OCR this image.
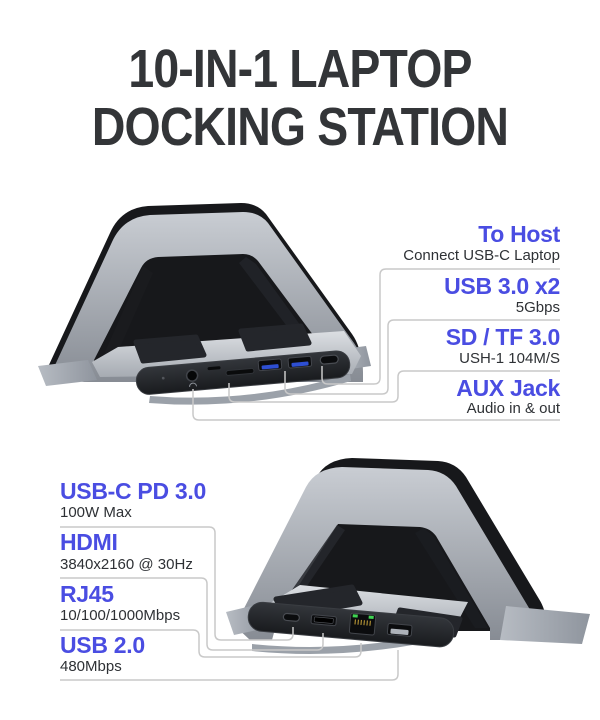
10-IN-1 LAPTOP
DOCKING STATION
To Host
Connect USB-C Laptop
USB 3.0 x2
5Gbps
SD / TF 3.0
USH-1 104M/S
AUX Jack
Audio in & out
USB-C PD 3.0
100W Max
HDMI
3840x2160 @ 30Hz
RJ45
10/100/1000Mbps
USB 2.0
480Mbps
